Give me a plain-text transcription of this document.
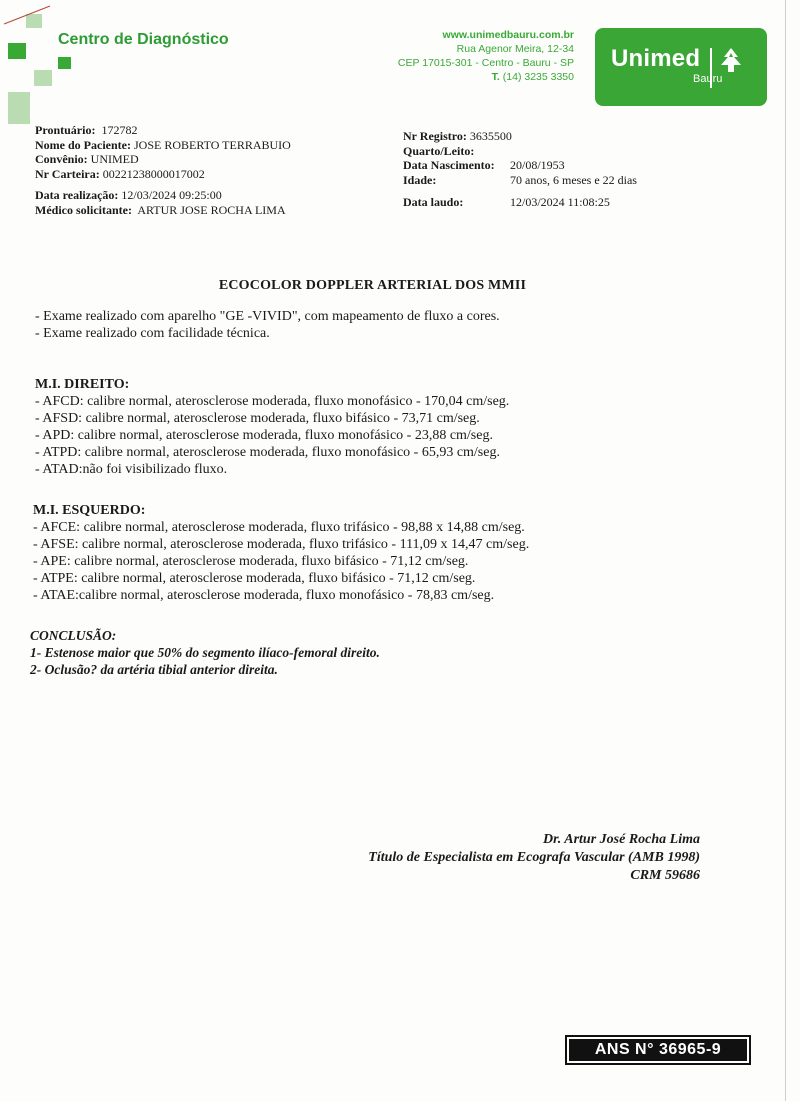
Centro de Diagnóstico	www.unimedbauru.com.br
Rua Agenor Meira, 12-34
CEP 17015-301 - Centro - Bauru - SP
T. (14) 3235 3350
Unimed
Bauru
Prontuário: 172782
Nome do Paciente: JOSE ROBERTO TERRABUIO
Convênio: UNIMED
Nr Carteira: 00221238000017002
Data realização: 12/03/2024 09:25:00
Médico solicitante: ARTUR JOSE ROCHA LIMA
Nr Registro: 3635500
Quarto/Leito:
Data Nascimento: 20/08/1953
Idade:	70 anos, 6 meses e 22 dias
Data laudo:	12/03/2024 11:08:25
ECOCOLOR DOPPLER ARTERIAL DOS MMII
- Exame realizado com aparelho "GE -VIVID", com mapeamento de fluxo a cores.
- Exame realizado com facilidade técnica.
M.I. DIREITO:
- AFCD: calibre normal, aterosclerose moderada, fluxo monofásico - 170,04 cm/seg.
- AFSD: calibre normal, aterosclerose moderada, fluxo bifásico - 73,71 cm/seg.
- APD: calibre normal, aterosclerose moderada, fluxo monofásico - 23,88 cm/seg.
- ATPD: calibre normal, aterosclerose moderada, fluxo monofásico - 65,93 cm/seg.
- ATAD:não foi visibilizado fluxo.
M.I. ESQUERDO:
- AFCE: calibre normal, aterosclerose moderada, fluxo trifásico - 98,88 x 14,88 cm/seg.
- AFSE: calibre normal, aterosclerose moderada, fluxo trifásico - 111,09 x 14,47 cm/seg.
- APE: calibre normal, aterosclerose moderada, fluxo bifásico - 71,12 cm/seg.
- ATPE: calibre normal, aterosclerose moderada, fluxo bifásico - 71,12 cm/seg.
- ATAE:calibre normal, aterosclerose moderada, fluxo monofásico - 78,83 cm/seg.
CONCLUSÃO:
1- Estenose maior que 50% do segmento ilíaco-femoral direito.
2- Oclusão? da artéria tibial anterior direita.
Dr. Artur José Rocha Lima
Título de Especialista em Ecografa Vascular (AMB 1998)
CRM 59686
ANS N° 36965-9
